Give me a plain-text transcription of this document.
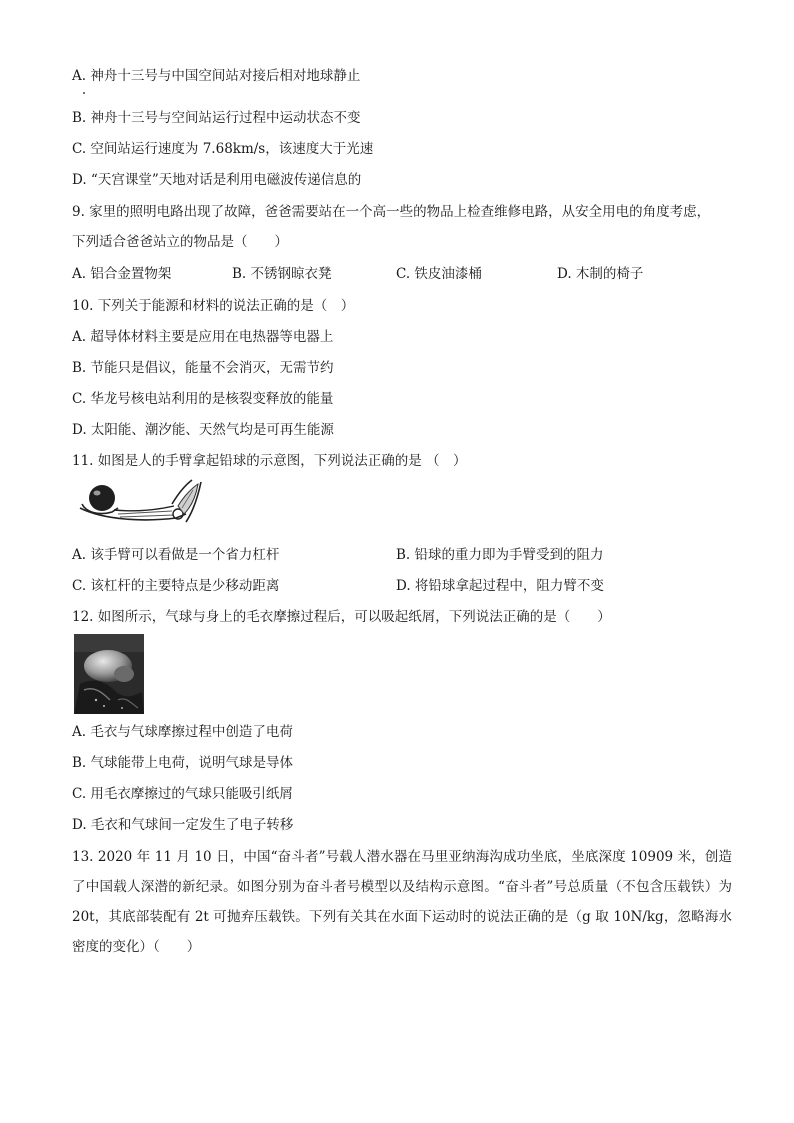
A. 神舟十三号与中国空间站对接后相对地球静止
B. 神舟十三号与空间站运行过程中运动状态不变
C. 空间站运行速度为 7.68km/s，该速度大于光速
D. “天宫课堂”天地对话是利用电磁波传递信息的
9. 家里的照明电路出现了故障，爸爸需要站在一个高一些的物品上检查维修电路，从安全用电的角度考虑，
下列适合爸爸站立的物品是（　　）
A. 铝合金置物架	B. 不锈钢晾衣凳	C. 铁皮油漆桶	D. 木制的椅子
10. 下列关于能源和材料的说法正确的是（　）
A. 超导体材料主要是应用在电热器等电器上
B. 节能只是倡议，能量不会消灭，无需节约
C. 华龙号核电站利用的是核裂变释放的能量
D. 太阳能、潮汐能、天然气均是可再生能源
11. 如图是人的手臂拿起铅球的示意图，下列说法正确的是 （　）
A. 该手臂可以看做是一个省力杠杆	B. 铅球的重力即为手臂受到的阻力
C. 该杠杆的主要特点是少移动距离	D. 将铅球拿起过程中，阻力臂不变
12. 如图所示，气球与身上的毛衣摩擦过程后，可以吸起纸屑，下列说法正确的是（　　）
A. 毛衣与气球摩擦过程中创造了电荷
B. 气球能带上电荷，说明气球是导体
C. 用毛衣摩擦过的气球只能吸引纸屑
D. 毛衣和气球间一定发生了电子转移
13. 2020 年 11 月 10 日，中国“奋斗者”号载人潜水器在马里亚纳海沟成功坐底，坐底深度 10909 米，创造了中国载人深潜的新纪录。如图分别为奋斗者号模型以及结构示意图。“奋斗者”号总质量（不包含压载铁）为 20t，其底部装配有 2t 可抛弃压载铁。下列有关其在水面下运动时的说法正确的是（g 取 10N/kg，忽略海水密度的变化）（　　）
